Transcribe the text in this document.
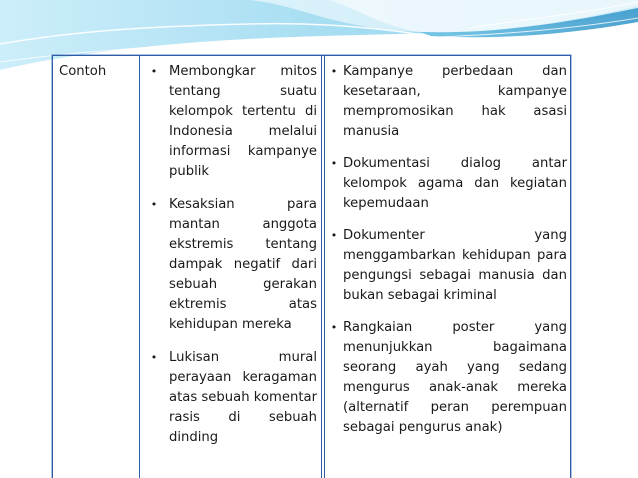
Contoh	• Membongkar mitos tentang suatu kelompok tertentu di Indonesia melalui informasi kampanye publik
• Kesaksian para mantan anggota ekstremis tentang dampak negatif dari sebuah gerakan ektremis atas kehidupan mereka
• Lukisan mural perayaan keragaman atas sebuah komentar rasis di sebuah dinding
• Kampanye perbedaan dan kesetaraan, kampanye mempromosikan hak asasi manusia
• Dokumentasi dialog antar kelompok agama dan kegiatan kepemudaan
• Dokumenter yang menggambarkan kehidupan para pengungsi sebagai manusia dan bukan sebagai kriminal
• Rangkaian poster yang menunjukkan bagaimana seorang ayah yang sedang mengurus anak-anak mereka (alternatif peran perempuan sebagai pengurus anak)
